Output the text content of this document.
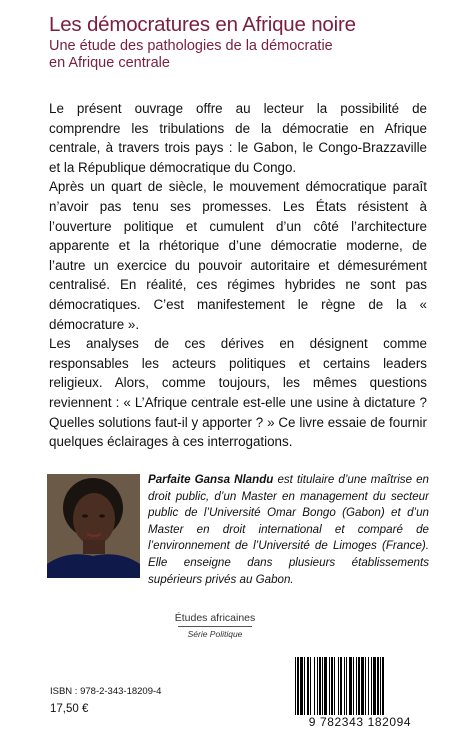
Les démocratures en Afrique noire
Une étude des pathologies de la démocratie
en Afrique centrale

Le présent ouvrage offre au lecteur la possibilité de comprendre les tribulations de la démocratie en Afrique centrale, à travers trois pays : le Gabon, le Congo-Brazzaville et la République démocratique du Congo.

Après un quart de siècle, le mouvement démocratique paraît n’avoir pas tenu ses promesses. Les États résistent à l’ouverture politique et cumulent d’un côté l’architecture apparente et la rhétorique d’une démocratie moderne, de l’autre un exercice du pouvoir autoritaire et démesurément centralisé. En réalité, ces régimes hybrides ne sont pas démocratiques. C’est manifestement le règne de la « démocrature ».

Les analyses de ces dérives en désignent comme responsables les acteurs politiques et certains leaders religieux. Alors, comme toujours, les mêmes questions reviennent : « L’Afrique centrale est-elle une usine à dictature ? Quelles solutions faut-il y apporter ? » Ce livre essaie de fournir quelques éclairages à ces interrogations.

Parfaite Gansa Nlandu est titulaire d’une maîtrise en droit public, d’un Master en management du secteur public de l’Université Omar Bongo (Gabon) et d’un Master en droit international et comparé de l’environnement de l’Université de Limoges (France). Elle enseigne dans plusieurs établissements supérieurs privés au Gabon.
Études africaines
Série Politique
ISBN : 978-2-343-18209-4
17,50 €
9 782343 182094
